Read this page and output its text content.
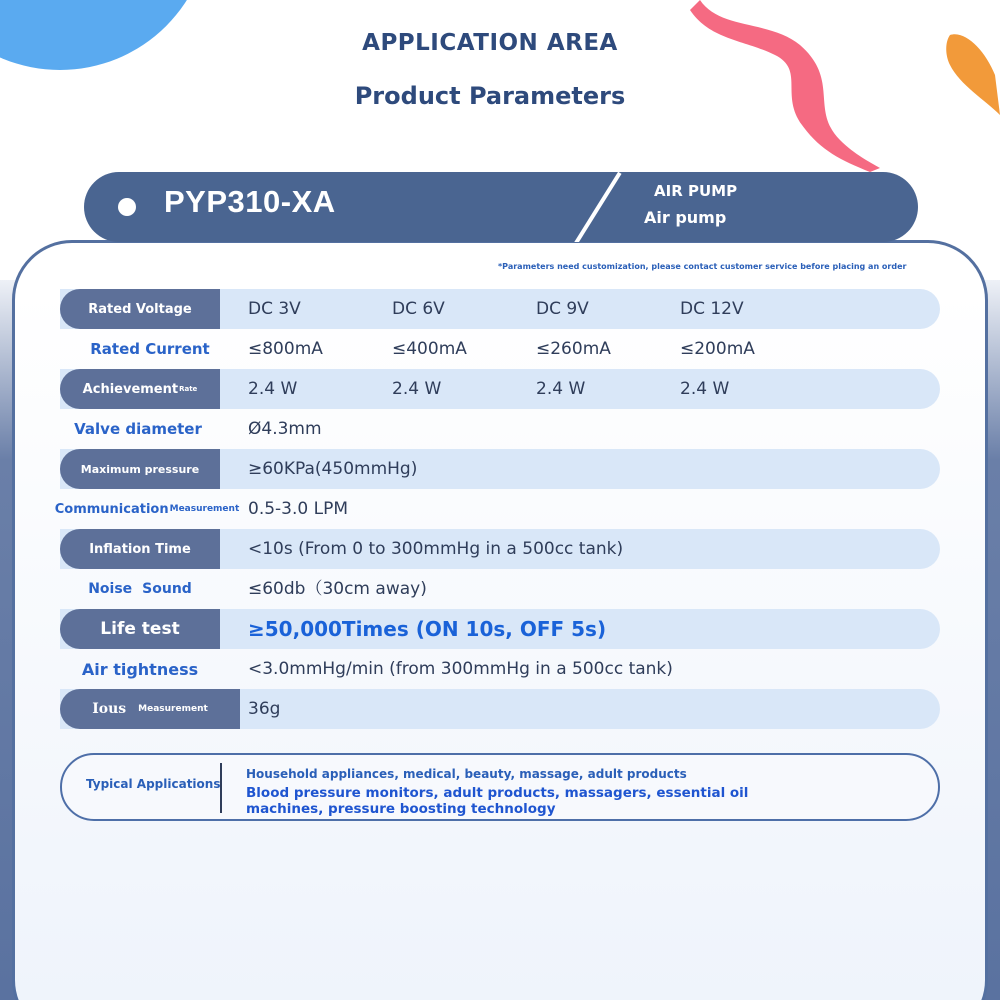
APPLICATION AREA
Product Parameters
PYP310-XA	AIR PUMP
Air pump
*Parameters need customization, please contact customer service before placing an order
Rated Voltage	DC 3V	DC 6V	DC 9V	DC 12V
Rated Current	≤800mA	≤400mA	≤260mA	≤200mA
Achievement Rate	2.4 W	2.4 W	2.4 W	2.4 W
Valve diameter	Ø4.3mm
Maximum pressure	≥60KPa(450mmHg)
Communication Measurement 0.5-3.0 LPM
Inflation Time	<10s (From 0 to 300mmHg in a 500cc tank)
Noise Sound	≤60db（30cm away)
Life test	≥50,000Times (ON 10s, OFF 5s)
Air tightness	<3.0mmHg/min (from 300mmHg in a 500cc tank)
Ious Measurement 36g
Typical Applications
Household appliances, medical, beauty, massage, adult products
Blood pressure monitors, adult products, massagers, essential oil machines, pressure boosting technology
